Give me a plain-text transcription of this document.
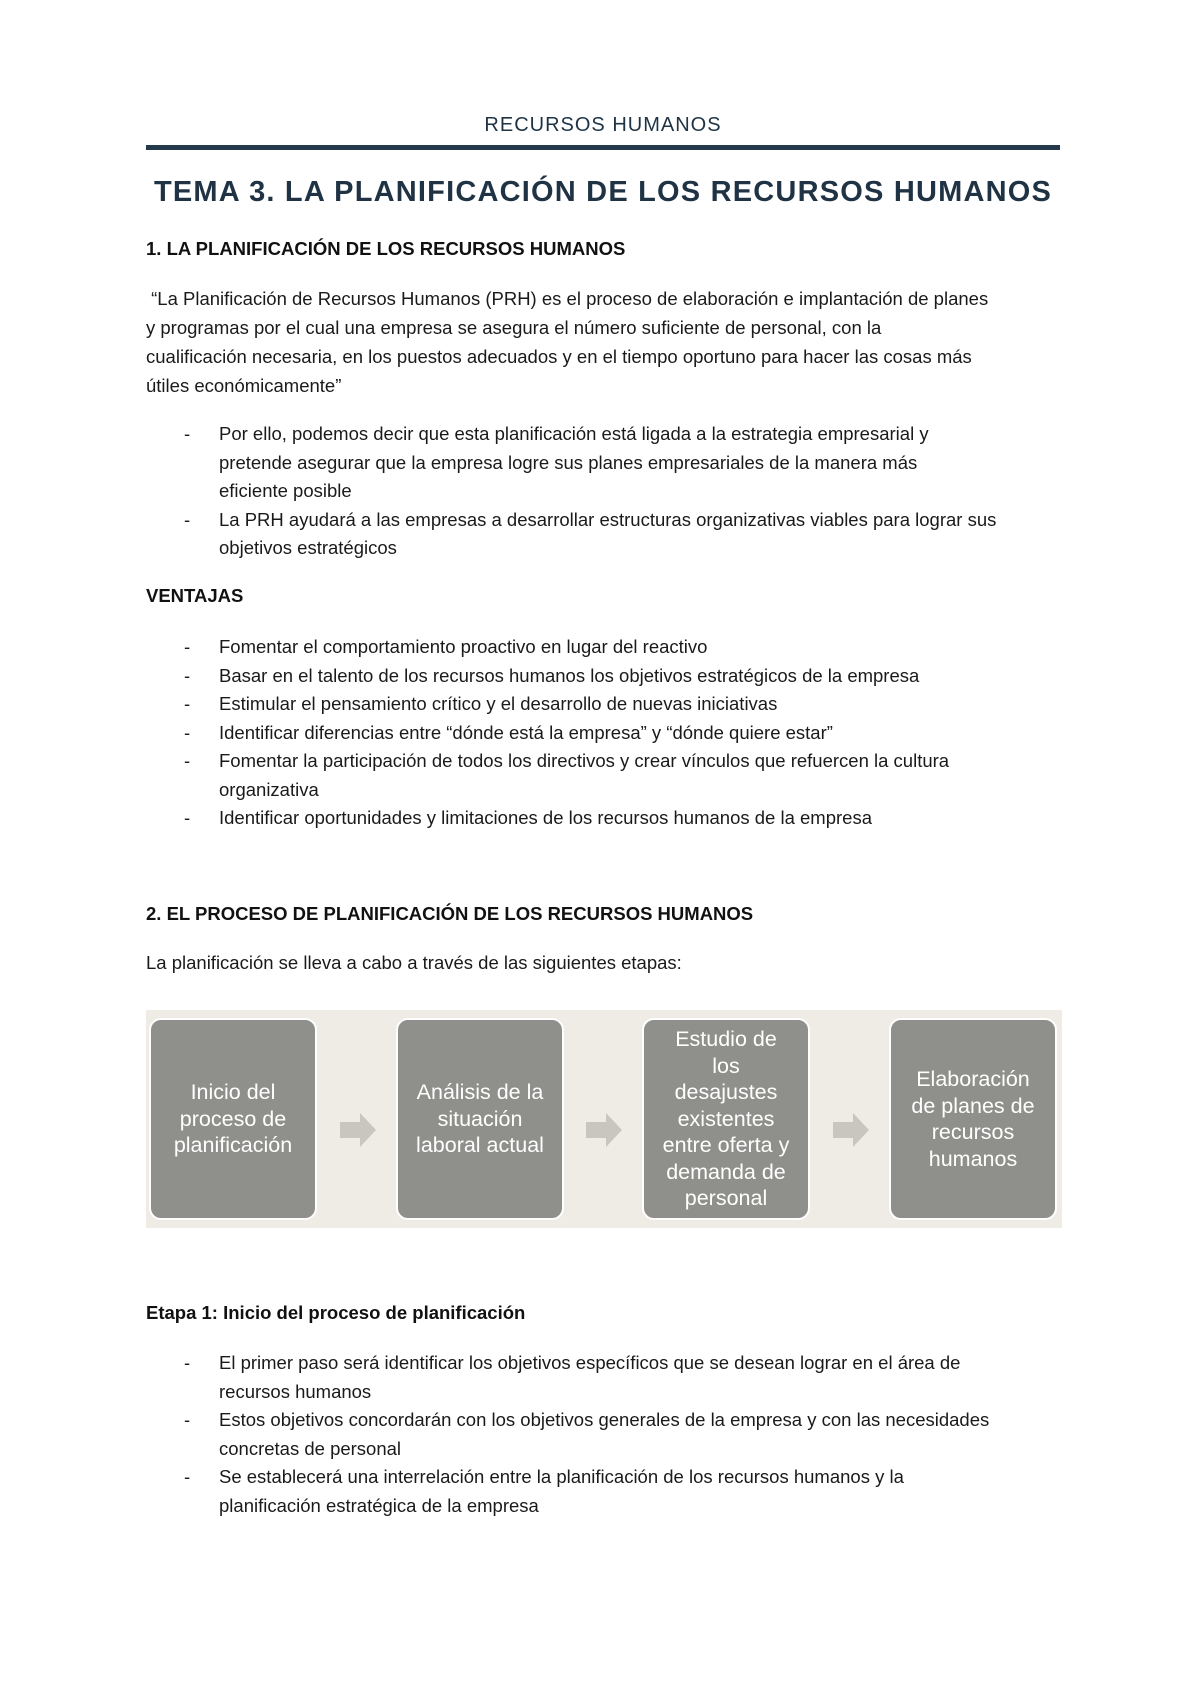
RECURSOS HUMANOS
TEMA 3. LA PLANIFICACIÓN DE LOS RECURSOS HUMANOS
1. LA PLANIFICACIÓN DE LOS RECURSOS HUMANOS
“La Planificación de Recursos Humanos (PRH) es el proceso de elaboración e implantación de planes
y programas por el cual una empresa se asegura el número suficiente de personal, con la
cualificación necesaria, en los puestos adecuados y en el tiempo oportuno para hacer las cosas más
útiles económicamente”
- Por ello, podemos decir que esta planificación está ligada a la estrategia empresarial y
pretende asegurar que la empresa logre sus planes empresariales de la manera más
eficiente posible
- La PRH ayudará a las empresas a desarrollar estructuras organizativas viables para lograr sus
objetivos estratégicos
VENTAJAS
- Fomentar el comportamiento proactivo en lugar del reactivo
- Basar en el talento de los recursos humanos los objetivos estratégicos de la empresa
- Estimular el pensamiento crítico y el desarrollo de nuevas iniciativas
- Identificar diferencias entre “dónde está la empresa” y “dónde quiere estar”
- Fomentar la participación de todos los directivos y crear vínculos que refuercen la cultura
organizativa
- Identificar oportunidades y limitaciones de los recursos humanos de la empresa
2. EL PROCESO DE PLANIFICACIÓN DE LOS RECURSOS HUMANOS
La planificación se lleva a cabo a través de las siguientes etapas:
Inicio del
proceso de
planificación
Análisis de la
situación
laboral actual
Estudio de
los
desajustes
existentes
entre oferta y
demanda de
personal
Elaboración
de planes de
recursos
humanos
Etapa 1: Inicio del proceso de planificación
- El primer paso será identificar los objetivos específicos que se desean lograr en el área de
recursos humanos
- Estos objetivos concordarán con los objetivos generales de la empresa y con las necesidades
concretas de personal
- Se establecerá una interrelación entre la planificación de los recursos humanos y la
planificación estratégica de la empresa
